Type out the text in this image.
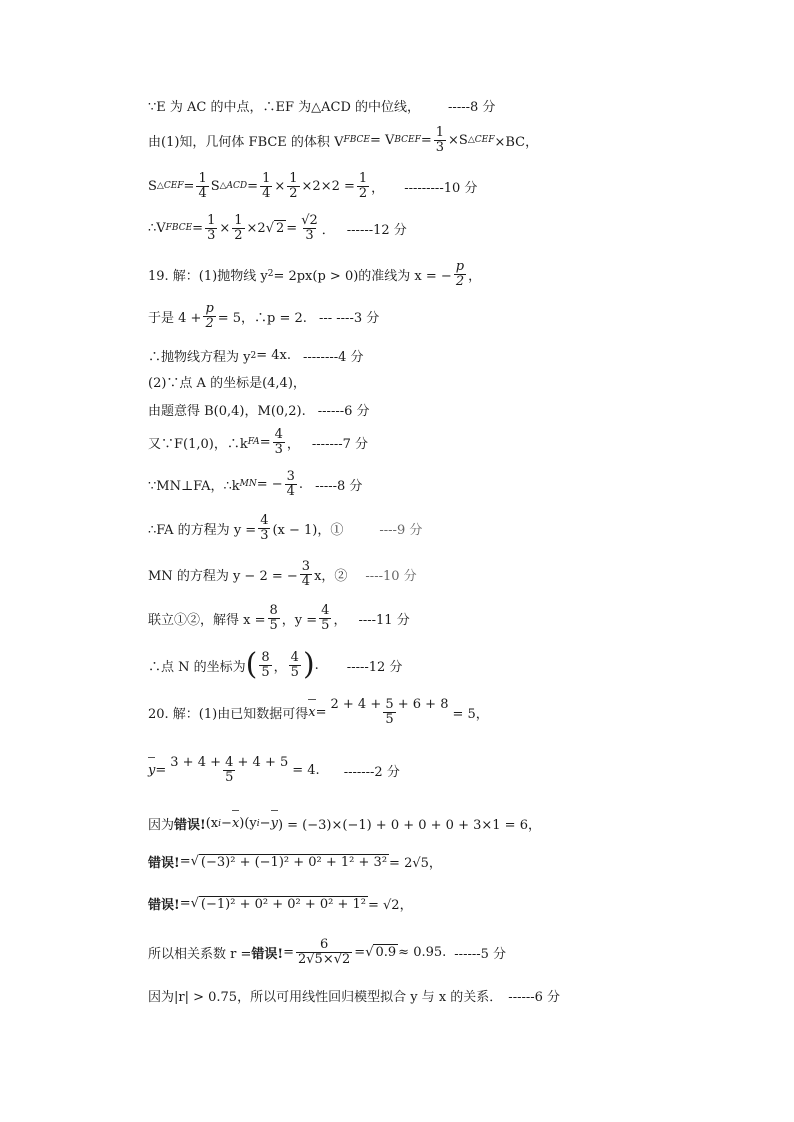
∵E 为 AC 的中点，∴EF 为△ACD 的中位线， -----8 分
由(1)知，几何体 FBCE 的体积 V FBCE = V BCEF = $\frac{1}{3} \times S$ △CEF ×BC，
S △CEF = $\frac{1}{4}$ S △ACD = $\frac{1}{4} \times \frac{1}{2} \times 2\times 2 = \frac{1}{2}$ ， ---------10 分
∴V FBCE = $\frac{1}{3} \times \frac{1}{2} \times 2$ √ $2 = \frac{√2}{3}$ ． ------12 分
19. 解：(1)抛物线 y 2 = 2px(p > 0)的准线为 x = − $\frac{p}{2}$ ，
于是 $4 + \frac{p}{2} = 5$，∴p = 2. --- ----3 分
∴抛物线方程为 y 2 = 4x. --------4 分
(2)∵点 A 的坐标是(4,4)，
由题意得 B(0,4)，M(0,2). ------6 分
又∵F(1,0)，∴k FA = $\frac{4}{3}$ ， -------7 分
∵MN⊥FA，∴k MN = − $\frac{3}{4}$ . -----8 分
∴FA 的方程为 $y = \frac{4}{3} (x - 1)$，①	----9 分
MN 的方程为 y − 2 = − $\frac{3}{4}$ x，② ----10 分
联立①②，解得 $x = \frac{8}{5}$ ，$y = \frac{4}{5}$ ， ----11 分
∴点 N 的坐标为 ( $\frac{8}{5}$ ， $\frac{4}{5}$ ) . -----12 分
20. 解：(1)由已知数据可得 $x = \frac{2 + 4 + 5 + 6 + 8}{5} = 5$，
$y = \frac{3 + 4 + 4 + 4 + 5}{5} = 4$. -------2 分
因为 错误! (x i − x )(y i − y ) = (−3)×(−1) + 0 + 0 + 0 + 3×1 = 6，
错误! = √ (−3)² + (−1)² + 0² + 1² + 3² = 2√5，
错误! = √ (−1)² + 0² + 0² + 0² + 1² = √2，
所以相关系数 r = 错误! = $\frac{6}{2√5\times√2}$ = √ 0.9 ≈ 0.95. ------5 分
因为|r| > 0.75，所以可用线性回归模型拟合 y 与 x 的关系． ------6 分
